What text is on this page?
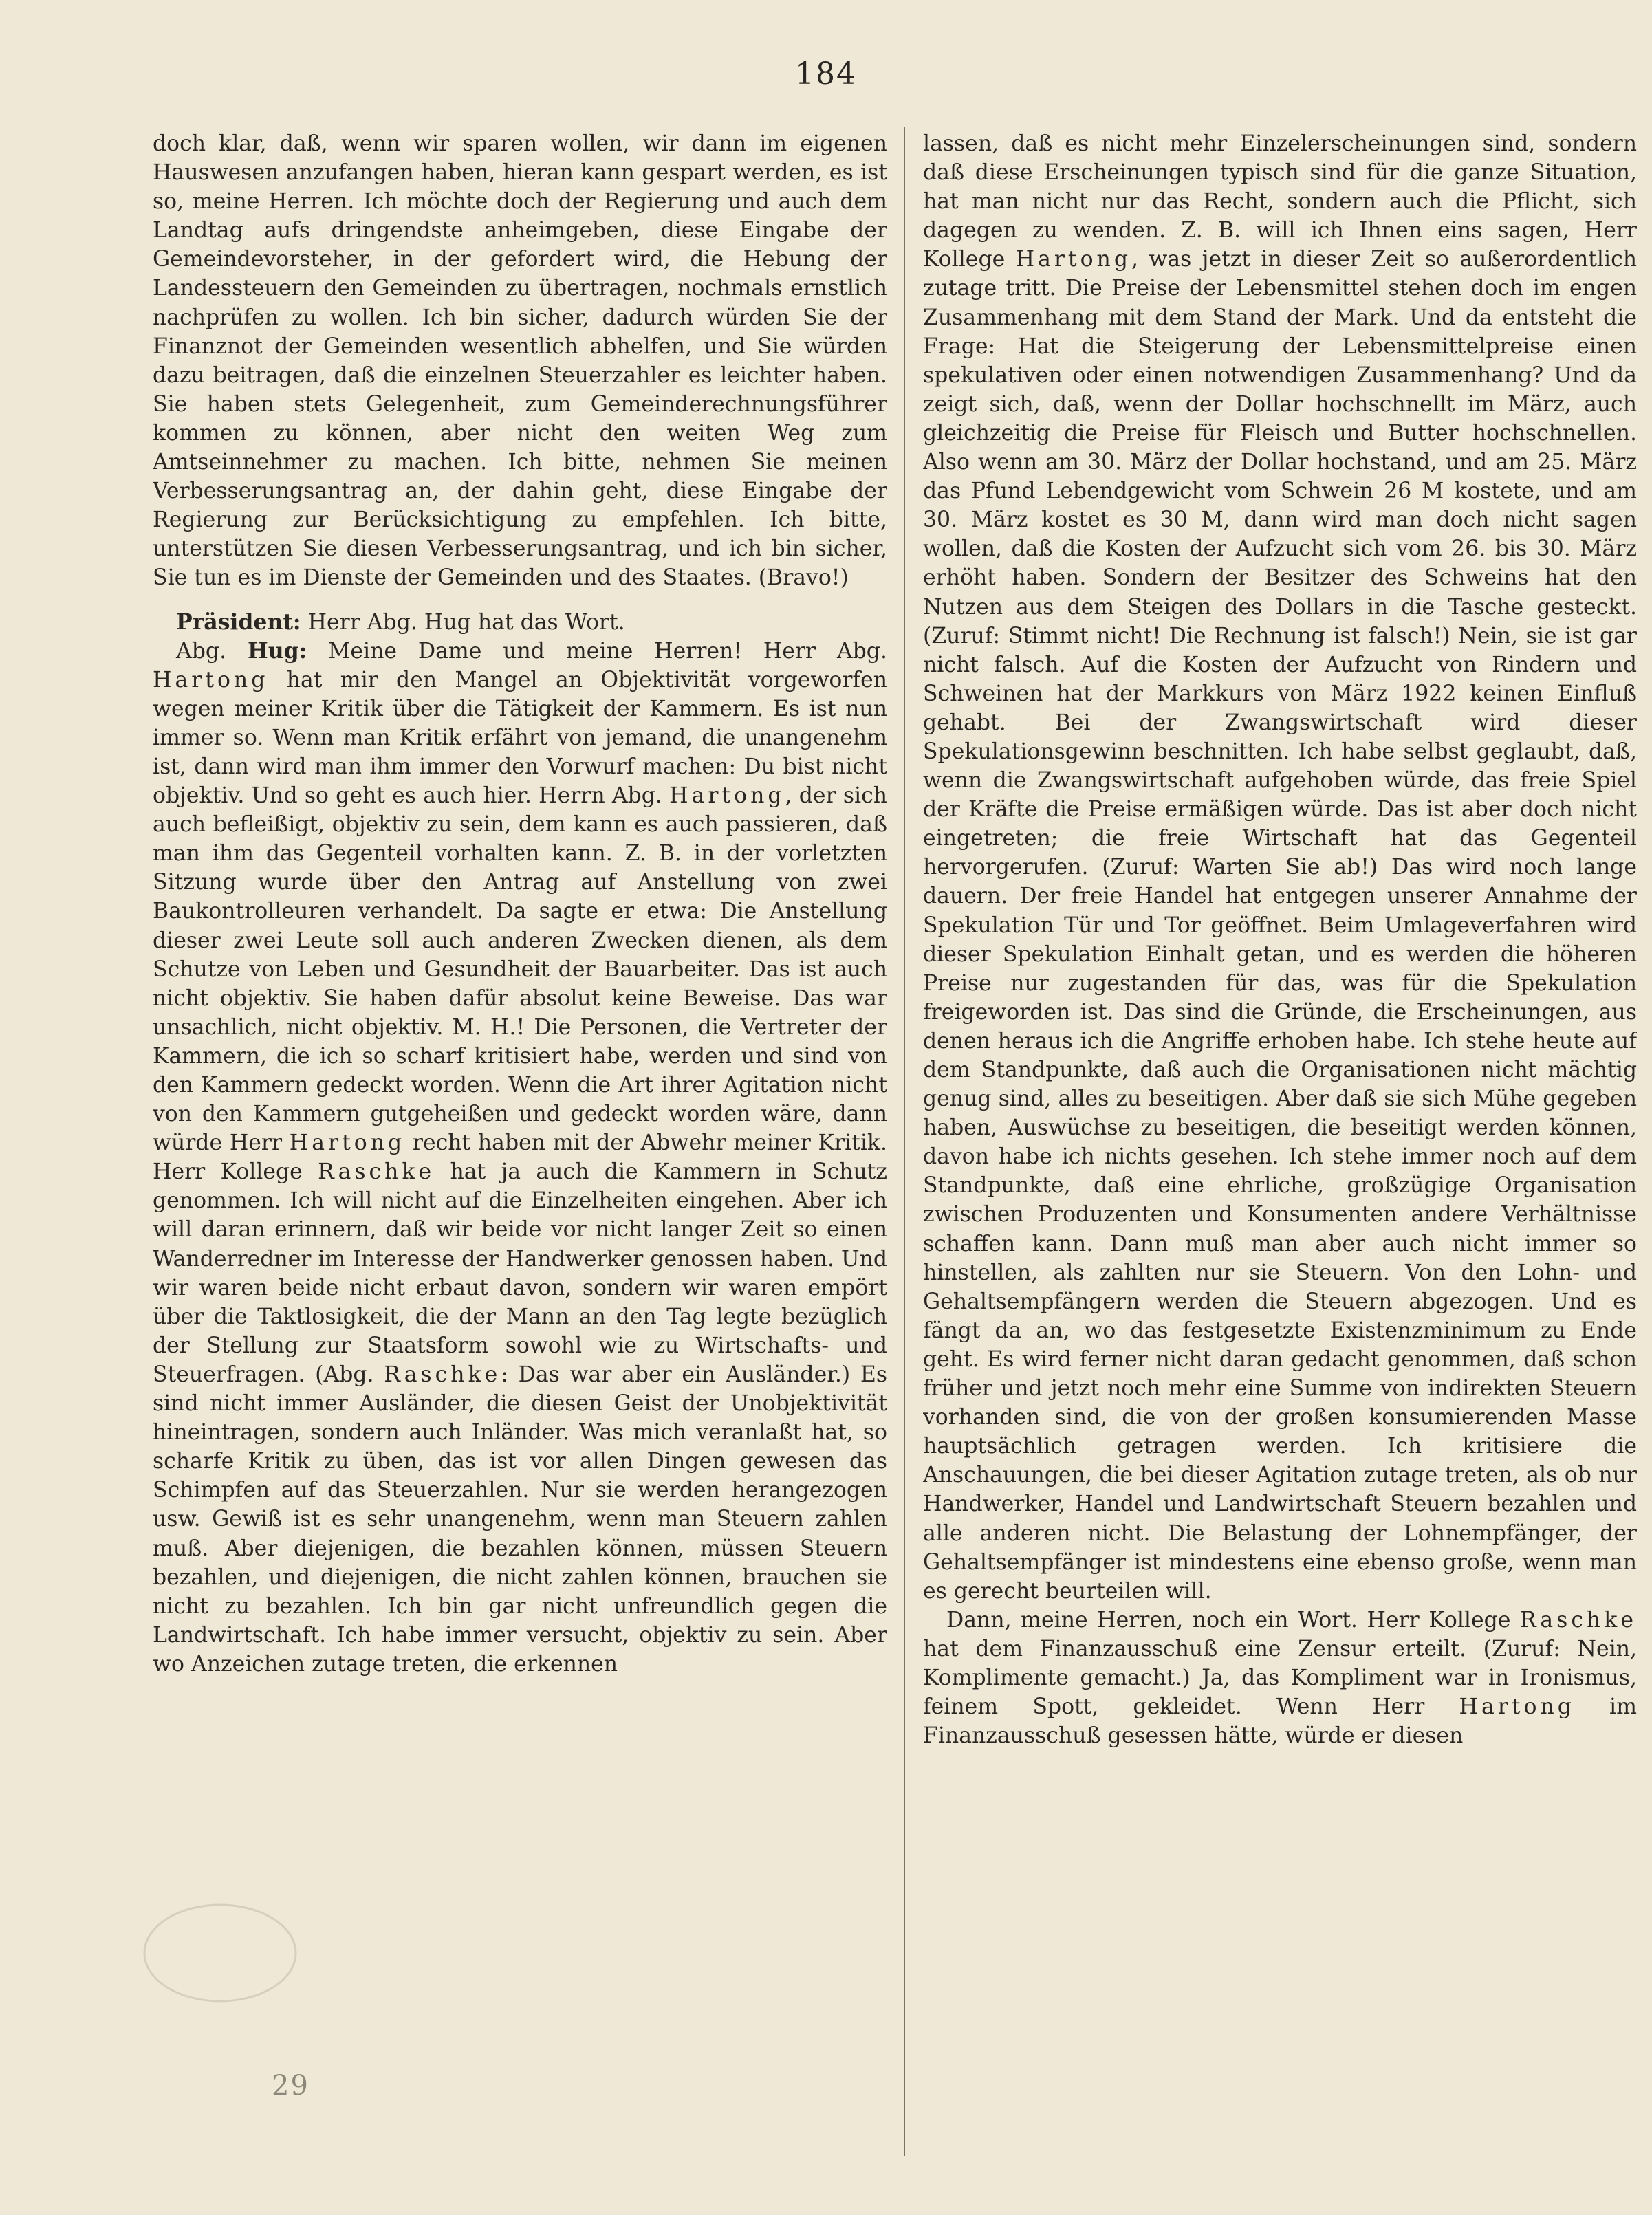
184

doch klar, daß, wenn wir sparen wollen, wir dann im eigenen Hauswesen anzufangen haben, hieran kann gespart werden, es ist so, meine Herren. Ich möchte doch der Regierung und auch dem Landtag aufs dringendste anheimgeben, diese Eingabe der Gemeindevorsteher, in der gefordert wird, die Hebung der Landessteuern den Gemeinden zu übertragen, nochmals ernstlich nachprüfen zu wollen. Ich bin sicher, dadurch würden Sie der Finanznot der Gemeinden wesentlich abhelfen, und Sie würden dazu beitragen, daß die einzelnen Steuerzahler es leichter haben. Sie haben stets Gelegenheit, zum Gemeinderechnungsführer kommen zu können, aber nicht den weiten Weg zum Amtseinnehmer zu machen. Ich bitte, nehmen Sie meinen Verbesserungsantrag an, der dahin geht, diese Eingabe der Regierung zur Berücksichtigung zu empfehlen. Ich bitte, unterstützen Sie diesen Verbesserungsantrag, und ich bin sicher, Sie tun es im Dienste der Gemeinden und des Staates. (Bravo!)

Präsident: Herr Abg. Hug hat das Wort.

Abg. Hug: Meine Dame und meine Herren! Herr Abg. Hartong hat mir den Mangel an Objektivität vorgeworfen wegen meiner Kritik über die Tätigkeit der Kammern. Es ist nun immer so. Wenn man Kritik erfährt von jemand, die unangenehm ist, dann wird man ihm immer den Vorwurf machen: Du bist nicht objektiv. Und so geht es auch hier. Herrn Abg. Hartong, der sich auch befleißigt, objektiv zu sein, dem kann es auch passieren, daß man ihm das Gegenteil vorhalten kann. Z. B. in der vorletzten Sitzung wurde über den Antrag auf Anstellung von zwei Baukontrolleuren verhandelt. Da sagte er etwa: Die Anstellung dieser zwei Leute soll auch anderen Zwecken dienen, als dem Schutze von Leben und Gesundheit der Bauarbeiter. Das ist auch nicht objektiv. Sie haben dafür absolut keine Beweise. Das war unsachlich, nicht objektiv. M. H.! Die Personen, die Vertreter der Kammern, die ich so scharf kritisiert habe, werden und sind von den Kammern gedeckt worden. Wenn die Art ihrer Agitation nicht von den Kammern gutgeheißen und gedeckt worden wäre, dann würde Herr Hartong recht haben mit der Abwehr meiner Kritik. Herr Kollege Raschke hat ja auch die Kammern in Schutz genommen. Ich will nicht auf die Einzelheiten eingehen. Aber ich will daran erinnern, daß wir beide vor nicht langer Zeit so einen Wanderredner im Interesse der Handwerker genossen haben. Und wir waren beide nicht erbaut davon, sondern wir waren empört über die Taktlosigkeit, die der Mann an den Tag legte bezüglich der Stellung zur Staatsform sowohl wie zu Wirtschafts- und Steuerfragen. (Abg. Raschke: Das war aber ein Ausländer.) Es sind nicht immer Ausländer, die diesen Geist der Unobjektivität hineintragen, sondern auch Inländer. Was mich veranlaßt hat, so scharfe Kritik zu üben, das ist vor allen Dingen gewesen das Schimpfen auf das Steuerzahlen. Nur sie werden herangezogen usw. Gewiß ist es sehr unangenehm, wenn man Steuern zahlen muß. Aber diejenigen, die bezahlen können, müssen Steuern bezahlen, und diejenigen, die nicht zahlen können, brauchen sie nicht zu bezahlen. Ich bin gar nicht unfreundlich gegen die Landwirtschaft. Ich habe immer versucht, objektiv zu sein. Aber wo Anzeichen zutage treten, die erkennen

lassen, daß es nicht mehr Einzelerscheinungen sind, sondern daß diese Erscheinungen typisch sind für die ganze Situation, hat man nicht nur das Recht, sondern auch die Pflicht, sich dagegen zu wenden. Z. B. will ich Ihnen eins sagen, Herr Kollege Hartong, was jetzt in dieser Zeit so außerordentlich zutage tritt. Die Preise der Lebensmittel stehen doch im engen Zusammenhang mit dem Stand der Mark. Und da entsteht die Frage: Hat die Steigerung der Lebensmittelpreise einen spekulativen oder einen notwendigen Zusammenhang? Und da zeigt sich, daß, wenn der Dollar hochschnellt im März, auch gleichzeitig die Preise für Fleisch und Butter hochschnellen. Also wenn am 30. März der Dollar hochstand, und am 25. März das Pfund Lebendgewicht vom Schwein 26 M kostete, und am 30. März kostet es 30 M, dann wird man doch nicht sagen wollen, daß die Kosten der Aufzucht sich vom 26. bis 30. März erhöht haben. Sondern der Besitzer des Schweins hat den Nutzen aus dem Steigen des Dollars in die Tasche gesteckt. (Zuruf: Stimmt nicht! Die Rechnung ist falsch!) Nein, sie ist gar nicht falsch. Auf die Kosten der Aufzucht von Rindern und Schweinen hat der Markkurs von März 1922 keinen Einfluß gehabt. Bei der Zwangswirtschaft wird dieser Spekulationsgewinn beschnitten. Ich habe selbst geglaubt, daß, wenn die Zwangswirtschaft aufgehoben würde, das freie Spiel der Kräfte die Preise ermäßigen würde. Das ist aber doch nicht eingetreten; die freie Wirtschaft hat das Gegenteil hervorgerufen. (Zuruf: Warten Sie ab!) Das wird noch lange dauern. Der freie Handel hat entgegen unserer Annahme der Spekulation Tür und Tor geöffnet. Beim Umlageverfahren wird dieser Spekulation Einhalt getan, und es werden die höheren Preise nur zugestanden für das, was für die Spekulation freigeworden ist. Das sind die Gründe, die Erscheinungen, aus denen heraus ich die Angriffe erhoben habe. Ich stehe heute auf dem Standpunkte, daß auch die Organisationen nicht mächtig genug sind, alles zu beseitigen. Aber daß sie sich Mühe gegeben haben, Auswüchse zu beseitigen, die beseitigt werden können, davon habe ich nichts gesehen. Ich stehe immer noch auf dem Standpunkte, daß eine ehrliche, großzügige Organisation zwischen Produzenten und Konsumenten andere Verhältnisse schaffen kann. Dann muß man aber auch nicht immer so hinstellen, als zahlten nur sie Steuern. Von den Lohn- und Gehaltsempfängern werden die Steuern abgezogen. Und es fängt da an, wo das festgesetzte Existenzminimum zu Ende geht. Es wird ferner nicht daran gedacht genommen, daß schon früher und jetzt noch mehr eine Summe von indirekten Steuern vorhanden sind, die von der großen konsumierenden Masse hauptsächlich getragen werden. Ich kritisiere die Anschauungen, die bei dieser Agitation zutage treten, als ob nur Handwerker, Handel und Landwirtschaft Steuern bezahlen und alle anderen nicht. Die Belastung der Lohnempfänger, der Gehaltsempfänger ist mindestens eine ebenso große, wenn man es gerecht beurteilen will.

Dann, meine Herren, noch ein Wort. Herr Kollege Raschke hat dem Finanzausschuß eine Zensur erteilt. (Zuruf: Nein, Komplimente gemacht.) Ja, das Kompliment war in Ironismus, feinem Spott, gekleidet. Wenn Herr Hartong im Finanzausschuß gesessen hätte, würde er diesen

29
